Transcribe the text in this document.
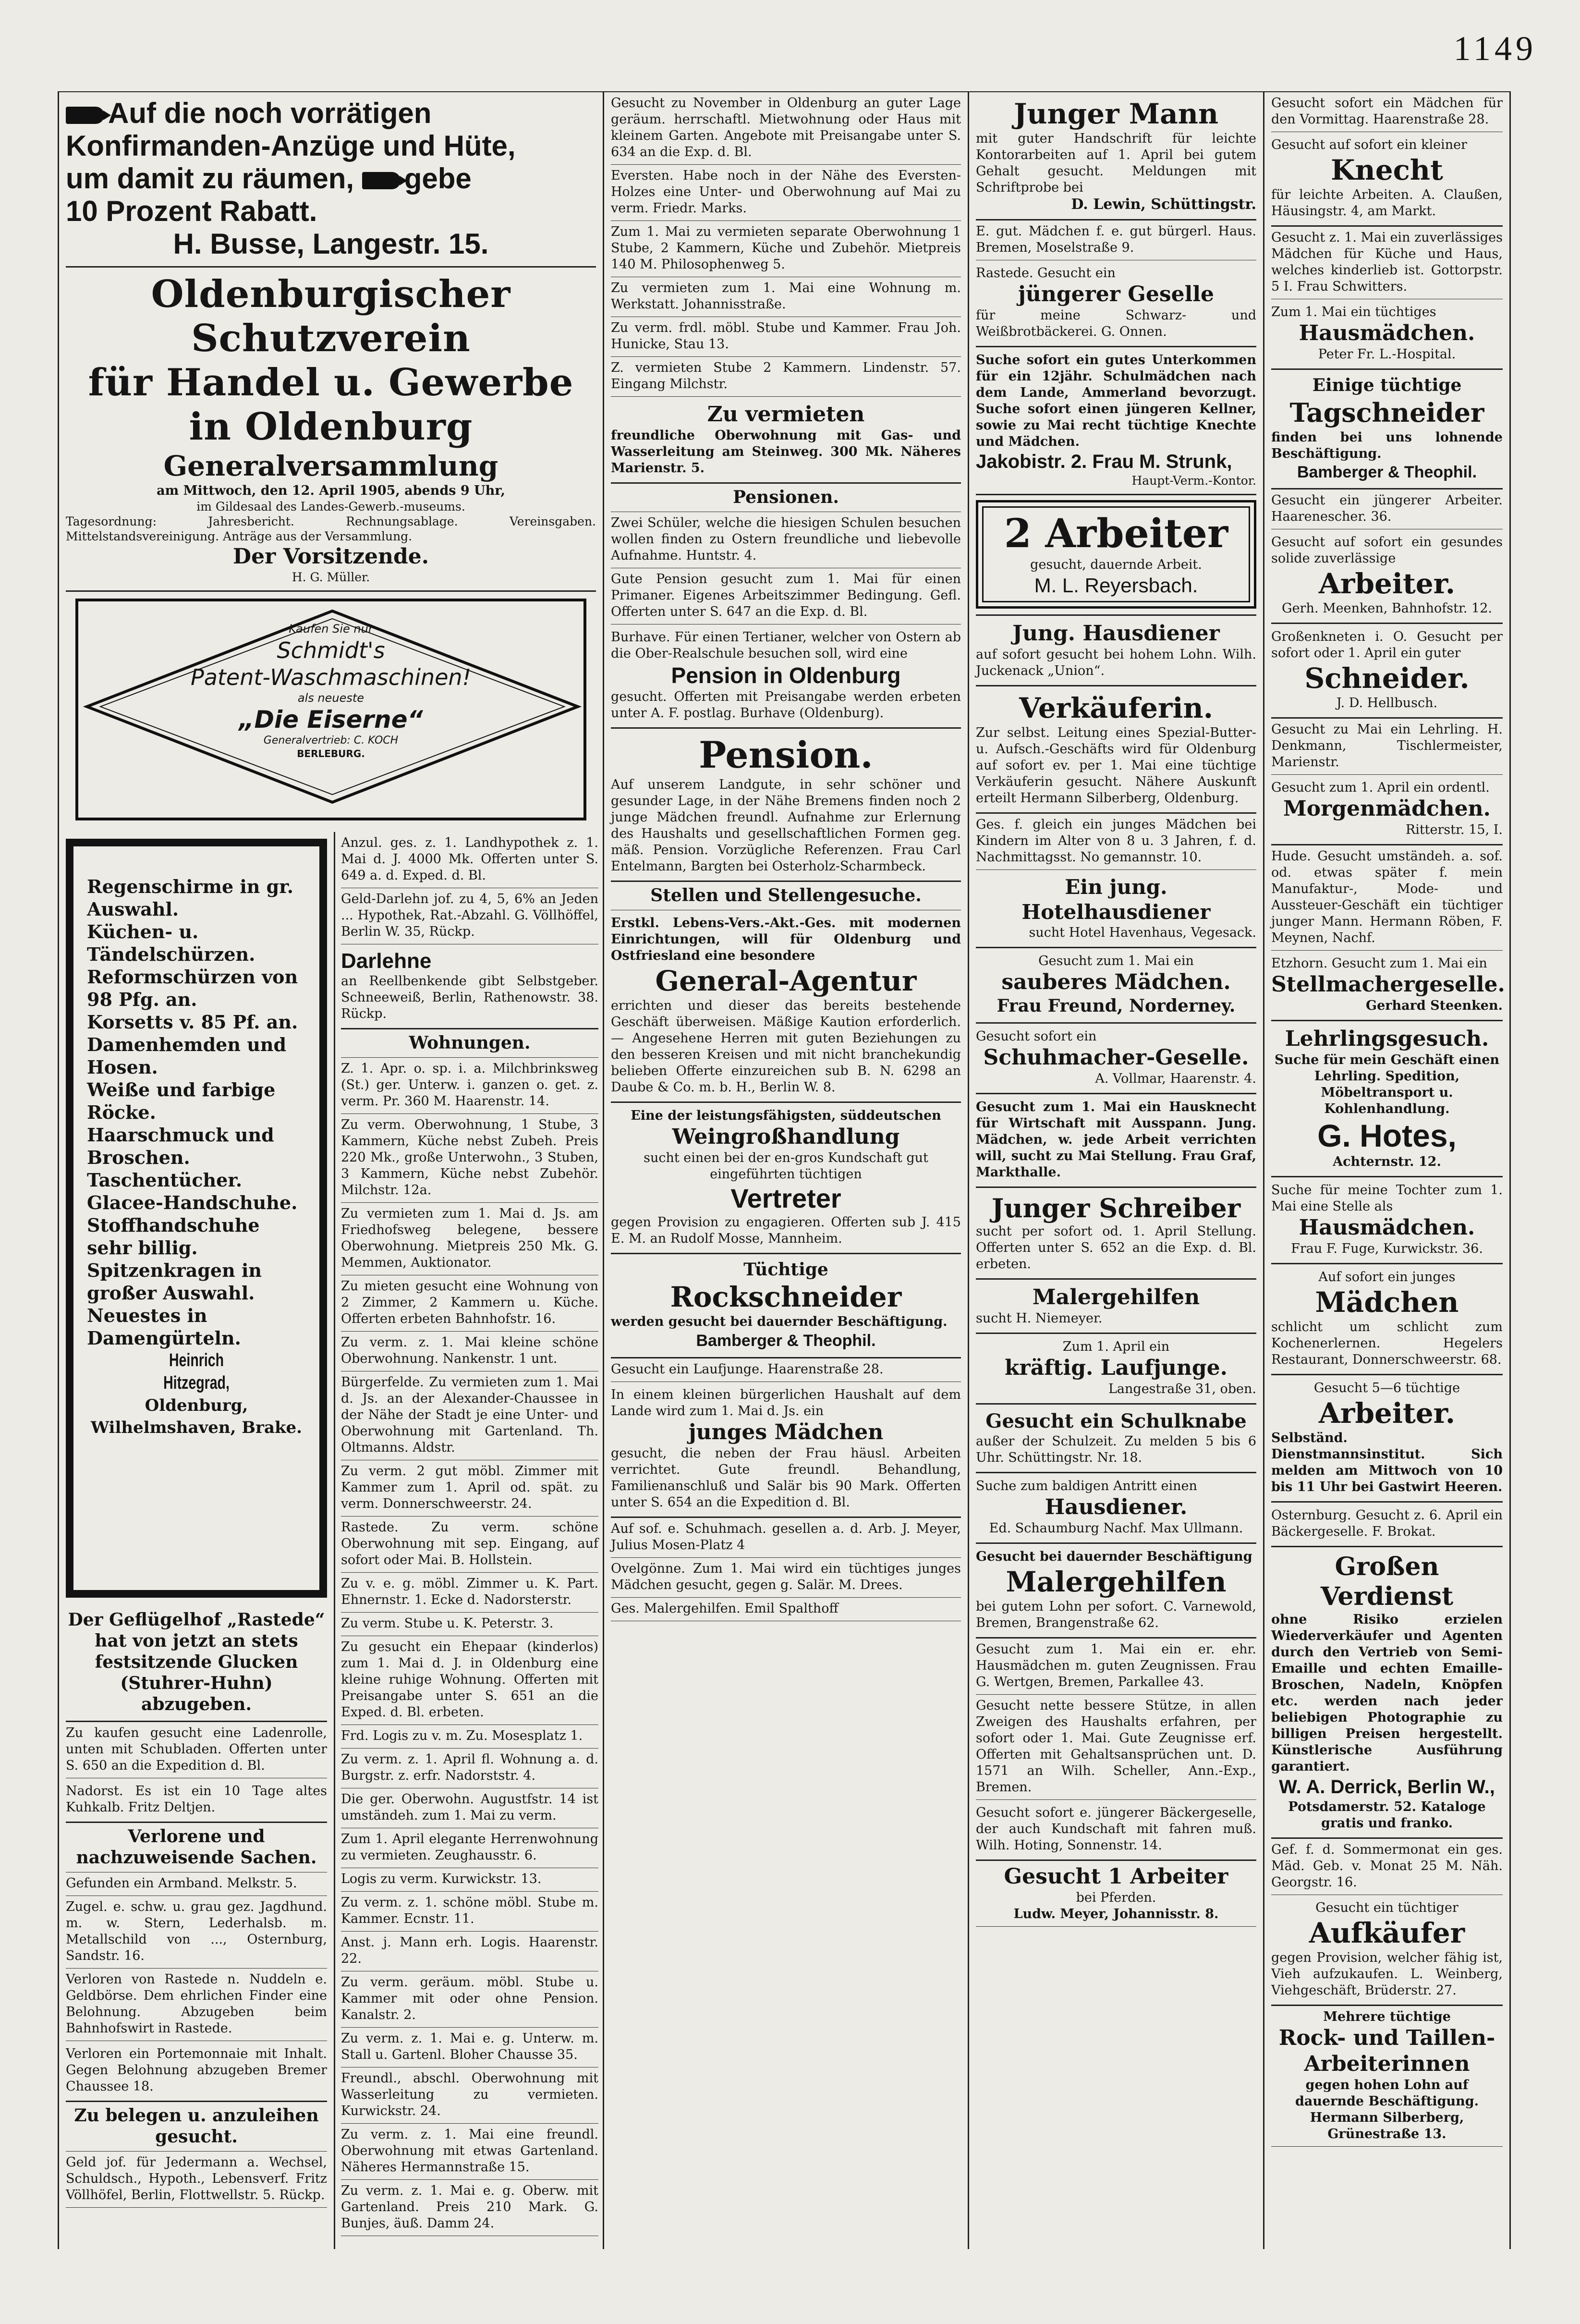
1149

Auf die noch vorrätigen

Konfirmanden-Anzüge und Hüte,

um damit zu räumen, gebe

10 Prozent Rabatt.

H. Busse, Langestr. 15.

Oldenburgischer Schutzverein

für Handel u. Gewerbe in Oldenburg

Generalversammlung

am Mittwoch, den 12. April 1905, abends 9 Uhr,

im Gildesaal des Landes-Gewerb.-museums.

Tagesordnung: Jahresbericht. Rechnungsablage. Vereinsgaben. Mittelstandsvereinigung. Anträge aus der Versammlung.

Der Vorsitzende.

H. G. Müller.

Kaufen Sie nur

Schmidt's

Patent-Waschmaschinen!

als neueste

„Die Eiserne“

Generalvertrieb: C. KOCH

BERLEBURG.

Regenschirme in gr. Auswahl.

Küchen- u. Tändelschürzen.

Reformschürzen von 98 Pfg. an.

Korsetts v. 85 Pf. an.

Damenhemden und Hosen.

Weiße und farbige Röcke.

Haarschmuck und Broschen.

Taschentücher.

Glacee-Handschuhe.

Stoffhandschuhe sehr billig.

Spitzenkragen in großer Auswahl.

Neuestes in Damengürteln.

Heinrich

Hitzegrad,

Oldenburg, Wilhelmshaven, Brake.

Der Geflügelhof „Rastede“ hat von jetzt an stets festsitzende Glucken (Stuhrer-Huhn) abzugeben.

Zu kaufen gesucht eine Ladenrolle, unten mit Schubladen. Offerten unter S. 650 an die Expedition d. Bl.

Nadorst. Es ist ein 10 Tage altes Kuhkalb. Fritz Deltjen.

Verlorene und nachzuweisende Sachen.

Gefunden ein Armband. Melkstr. 5.

Zugel. e. schw. u. grau gez. Jagdhund. m. w. Stern, Lederhalsb. m. Metallschild von ..., Osternburg, Sandstr. 16.

Verloren von Rastede n. Nuddeln e. Geldbörse. Dem ehrlichen Finder eine Belohnung. Abzugeben beim Bahnhofswirt in Rastede.

Verloren ein Portemonnaie mit Inhalt. Gegen Belohnung abzugeben Bremer Chaussee 18.

Zu belegen u. anzuleihen gesucht.

Geld jof. für Jedermann a. Wechsel, Schuldsch., Hypoth., Lebensverf. Fritz Völlhöfel, Berlin, Flottwellstr. 5. Rückp.

Anzul. ges. z. 1. Landhypothek z. 1. Mai d. J. 4000 Mk. Offerten unter S. 649 a. d. Exped. d. Bl.

Geld-Darlehn jof. zu 4, 5, 6% an Jeden ... Hypothek, Rat.-Abzahl. G. Völlhöffel, Berlin W. 35, Rückp.

Darlehne

an Reellbenkende gibt Selbstgeber. Schneeweiß, Berlin, Rathenowstr. 38. Rückp.

Wohnungen.

Z. 1. Apr. o. sp. i. a. Milchbrinksweg (St.) ger. Unterw. i. ganzen o. get. z. verm. Pr. 360 M. Haarenstr. 14.

Zu verm. Oberwohnung, 1 Stube, 3 Kammern, Küche nebst Zubeh. Preis 220 Mk., große Unterwohn., 3 Stuben, 3 Kammern, Küche nebst Zubehör. Milchstr. 12a.

Zu vermieten zum 1. Mai d. Js. am Friedhofsweg belegene, bessere Oberwohnung. Mietpreis 250 Mk. G. Memmen, Auktionator.

Zu mieten gesucht eine Wohnung von 2 Zimmer, 2 Kammern u. Küche. Offerten erbeten Bahnhofstr. 16.

Zu verm. z. 1. Mai kleine schöne Oberwohnung. Nankenstr. 1 unt.

Bürgerfelde. Zu vermieten zum 1. Mai d. Js. an der Alexander-Chaussee in der Nähe der Stadt je eine Unter- und Oberwohnung mit Gartenland. Th. Oltmanns. Aldstr.

Zu verm. 2 gut möbl. Zimmer mit Kammer zum 1. April od. spät. zu verm. Donnerschweerstr. 24.

Rastede. Zu verm. schöne Oberwohnung mit sep. Eingang, auf sofort oder Mai. B. Hollstein.

Zu v. e. g. möbl. Zimmer u. K. Part. Ehnernstr. 1. Ecke d. Nadorsterstr.

Zu verm. Stube u. K. Peterstr. 3.

Zu gesucht ein Ehepaar (kinderlos) zum 1. Mai d. J. in Oldenburg eine kleine ruhige Wohnung. Offerten mit Preisangabe unter S. 651 an die Exped. d. Bl. erbeten.

Frd. Logis zu v. m. Zu. Mosesplatz 1.

Zu verm. z. 1. April fl. Wohnung a. d. Burgstr. z. erfr. Nadorststr. 4.

Die ger. Oberwohn. Augustfstr. 14 ist umständeh. zum 1. Mai zu verm.

Zum 1. April elegante Herrenwohnung zu vermieten. Zeughausstr. 6.

Logis zu verm. Kurwickstr. 13.

Zu verm. z. 1. schöne möbl. Stube m. Kammer. Ecnstr. 11.

Anst. j. Mann erh. Logis. Haarenstr. 22.

Zu verm. geräum. möbl. Stube u. Kammer mit oder ohne Pension. Kanalstr. 2.

Zu verm. z. 1. Mai e. g. Unterw. m. Stall u. Gartenl. Bloher Chausse 35.

Freundl., abschl. Oberwohnung mit Wasserleitung zu vermieten. Kurwickstr. 24.

Zu verm. z. 1. Mai eine freundl. Oberwohnung mit etwas Gartenland. Näheres Hermannstraße 15.

Zu verm. z. 1. Mai e. g. Oberw. mit Gartenland. Preis 210 Mark. G. Bunjes, äuß. Damm 24.

Gesucht zu November in Oldenburg an guter Lage geräum. herrschaftl. Mietwohnung oder Haus mit kleinem Garten. Angebote mit Preisangabe unter S. 634 an die Exp. d. Bl.

Eversten. Habe noch in der Nähe des Eversten-Holzes eine Unter- und Oberwohnung auf Mai zu verm. Friedr. Marks.

Zum 1. Mai zu vermieten separate Oberwohnung 1 Stube, 2 Kammern, Küche und Zubehör. Mietpreis 140 M. Philosophenweg 5.

Zu vermieten zum 1. Mai eine Wohnung m. Werkstatt. Johannisstraße.

Zu verm. frdl. möbl. Stube und Kammer. Frau Joh. Hunicke, Stau 13.

Z. vermieten Stube 2 Kammern. Lindenstr. 57. Eingang Milchstr.

Zu vermieten

freundliche Oberwohnung mit Gas- und Wasserleitung am Steinweg. 300 Mk. Näheres Marienstr. 5.

Pensionen.

Zwei Schüler, welche die hiesigen Schulen besuchen wollen finden zu Ostern freundliche und liebevolle Aufnahme. Huntstr. 4.

Gute Pension gesucht zum 1. Mai für einen Primaner. Eigenes Arbeitszimmer Bedingung. Gefl. Offerten unter S. 647 an die Exp. d. Bl.

Burhave. Für einen Tertianer, welcher von Ostern ab die Ober-Realschule besuchen soll, wird eine

Pension in Oldenburg

gesucht. Offerten mit Preisangabe werden erbeten unter A. F. postlag. Burhave (Oldenburg).

Pension.

Auf unserem Landgute, in sehr schöner und gesunder Lage, in der Nähe Bremens finden noch 2 junge Mädchen freundl. Aufnahme zur Erlernung des Haushalts und gesellschaftlichen Formen geg. mäß. Pension. Vorzügliche Referenzen. Frau Carl Entelmann, Bargten bei Osterholz-Scharmbeck.

Stellen und Stellengesuche.

Erstkl. Lebens-Vers.-Akt.-Ges. mit modernen Einrichtungen, will für Oldenburg und Ostfriesland eine besondere

General-Agentur

errichten und dieser das bereits bestehende Geschäft überweisen. Mäßige Kaution erforderlich. — Angesehene Herren mit guten Beziehungen zu den besseren Kreisen und mit nicht branchekundig belieben Offerte einzureichen sub B. N. 6298 an Daube & Co. m. b. H., Berlin W. 8.

Eine der leistungsfähigsten, süddeutschen

Weingroßhandlung

sucht einen bei der en-gros Kundschaft gut eingeführten tüchtigen

Vertreter

gegen Provision zu engagieren. Offerten sub J. 415 E. M. an Rudolf Mosse, Mannheim.

Tüchtige

Rockschneider

werden gesucht bei dauernder Beschäftigung.

Bamberger & Theophil.

Gesucht ein Laufjunge. Haarenstraße 28.

In einem kleinen bürgerlichen Haushalt auf dem Lande wird zum 1. Mai d. Js. ein

junges Mädchen

gesucht, die neben der Frau häusl. Arbeiten verrichtet. Gute freundl. Behandlung, Familienanschluß und Salär bis 90 Mark. Offerten unter S. 654 an die Expedition d. Bl.

Auf sof. e. Schuhmach. gesellen a. d. Arb. J. Meyer, Julius Mosen-Platz 4

Ovelgönne. Zum 1. Mai wird ein tüchtiges junges Mädchen gesucht, gegen g. Salär. M. Drees.

Ges. Malergehilfen. Emil Spalthoff

Junger Mann

mit guter Handschrift für leichte Kontorarbeiten auf 1. April bei gutem Gehalt gesucht. Meldungen mit Schriftprobe bei

D. Lewin, Schüttingstr.

E. gut. Mädchen f. e. gut bürgerl. Haus. Bremen, Moselstraße 9.

Rastede. Gesucht ein

jüngerer Geselle

für meine Schwarz- und Weißbrotbäckerei. G. Onnen.

Suche sofort ein gutes Unterkommen für ein 12jähr. Schulmädchen nach dem Lande, Ammerland bevorzugt. Suche sofort einen jüngeren Kellner, sowie zu Mai recht tüchtige Knechte und Mädchen.

Jakobistr. 2. Frau M. Strunk,

Haupt-Verm.-Kontor.

2 Arbeiter

gesucht, dauernde Arbeit.

M. L. Reyersbach.

Jung. Hausdiener

auf sofort gesucht bei hohem Lohn. Wilh. Juckenack „Union“.

Verkäuferin.

Zur selbst. Leitung eines Spezial-Butter- u. Aufsch.-Geschäfts wird für Oldenburg auf sofort ev. per 1. Mai eine tüchtige Verkäuferin gesucht. Nähere Auskunft erteilt Hermann Silberberg, Oldenburg.

Ges. f. gleich ein junges Mädchen bei Kindern im Alter von 8 u. 3 Jahren, f. d. Nachmittagsst. No gemannstr. 10.

Ein jung. Hotelhausdiener

sucht Hotel Havenhaus, Vegesack.

Gesucht zum 1. Mai ein

sauberes Mädchen.

Frau Freund, Norderney.

Gesucht sofort ein

Schuhmacher-Geselle.

A. Vollmar, Haarenstr. 4.

Gesucht zum 1. Mai ein Hausknecht für Wirtschaft mit Ausspann. Jung. Mädchen, w. jede Arbeit verrichten will, sucht zu Mai Stellung. Frau Graf, Markthalle.

Junger Schreiber

sucht per sofort od. 1. April Stellung. Offerten unter S. 652 an die Exp. d. Bl. erbeten.

Malergehilfen

sucht H. Niemeyer.

Zum 1. April ein

kräftig. Laufjunge.

Langestraße 31, oben.

Gesucht ein Schulknabe

außer der Schulzeit. Zu melden 5 bis 6 Uhr. Schüttingstr. Nr. 18.

Suche zum baldigen Antritt einen

Hausdiener.

Ed. Schaumburg Nachf. Max Ullmann.

Gesucht bei dauernder Beschäftigung

Malergehilfen

bei gutem Lohn per sofort. C. Varnewold, Bremen, Brangenstraße 62.

Gesucht zum 1. Mai ein er. ehr. Hausmädchen m. guten Zeugnissen. Frau G. Wertgen, Bremen, Parkallee 43.

Gesucht nette bessere Stütze, in allen Zweigen des Haushalts erfahren, per sofort oder 1. Mai. Gute Zeugnisse erf. Offerten mit Gehaltsansprüchen unt. D. 1571 an Wilh. Scheller, Ann.-Exp., Bremen.

Gesucht sofort e. jüngerer Bäckergeselle, der auch Kundschaft mit fahren muß. Wilh. Hoting, Sonnenstr. 14.

Gesucht 1 Arbeiter

bei Pferden.

Ludw. Meyer, Johannisstr. 8.

Gesucht sofort ein Mädchen für den Vormittag. Haarenstraße 28.

Gesucht auf sofort ein kleiner

Knecht

für leichte Arbeiten. A. Claußen, Häusingstr. 4, am Markt.

Gesucht z. 1. Mai ein zuverlässiges Mädchen für Küche und Haus, welches kinderlieb ist. Gottorpstr. 5 I. Frau Schwitters.

Zum 1. Mai ein tüchtiges

Hausmädchen.

Peter Fr. L.-Hospital.

Einige tüchtige

Tagschneider

finden bei uns lohnende Beschäftigung.

Bamberger & Theophil.

Gesucht ein jüngerer Arbeiter. Haarenescher. 36.

Gesucht auf sofort ein gesundes solide zuverlässige

Arbeiter.

Gerh. Meenken, Bahnhofstr. 12.

Großenkneten i. O. Gesucht per sofort oder 1. April ein guter

Schneider.

J. D. Hellbusch.

Gesucht zu Mai ein Lehrling. H. Denkmann, Tischlermeister, Marienstr.

Gesucht zum 1. April ein ordentl.

Morgenmädchen.

Ritterstr. 15, I.

Hude. Gesucht umständeh. a. sof. od. etwas später f. mein Manufaktur-, Mode- und Aussteuer-Geschäft ein tüchtiger junger Mann. Hermann Röben, F. Meynen, Nachf.

Etzhorn. Gesucht zum 1. Mai ein

Stellmachergeselle.

Gerhard Steenken.

Lehrlingsgesuch.

Suche für mein Geschäft einen Lehrling. Spedition, Möbeltransport u. Kohlenhandlung.

G. Hotes,

Achternstr. 12.

Suche für meine Tochter zum 1. Mai eine Stelle als

Hausmädchen.

Frau F. Fuge, Kurwickstr. 36.

Auf sofort ein junges

Mädchen

schlicht um schlicht zum Kochenerlernen. Hegelers Restaurant, Donnerschweerstr. 68.

Gesucht 5—6 tüchtige

Arbeiter.

Selbständ. Dienstmannsinstitut. Sich melden am Mittwoch von 10 bis 11 Uhr bei Gastwirt Heeren.

Osternburg. Gesucht z. 6. April ein Bäckergeselle. F. Brokat.

Großen Verdienst

ohne Risiko erzielen Wiederverkäufer und Agenten durch den Vertrieb von Semi-Emaille und echten Emaille-Broschen, Nadeln, Knöpfen etc. werden nach jeder beliebigen Photographie zu billigen Preisen hergestellt. Künstlerische Ausführung garantiert.

W. A. Derrick, Berlin W.,

Potsdamerstr. 52. Kataloge gratis und franko.

Gef. f. d. Sommermonat ein ges. Mäd. Geb. v. Monat 25 M. Näh. Georgstr. 16.

Gesucht ein tüchtiger

Aufkäufer

gegen Provision, welcher fähig ist, Vieh aufzukaufen. L. Weinberg, Viehgeschäft, Brüderstr. 27.

Mehrere tüchtige

Rock- und Taillen-Arbeiterinnen

gegen hohen Lohn auf dauernde Beschäftigung.

Hermann Silberberg,

Grünestraße 13.
